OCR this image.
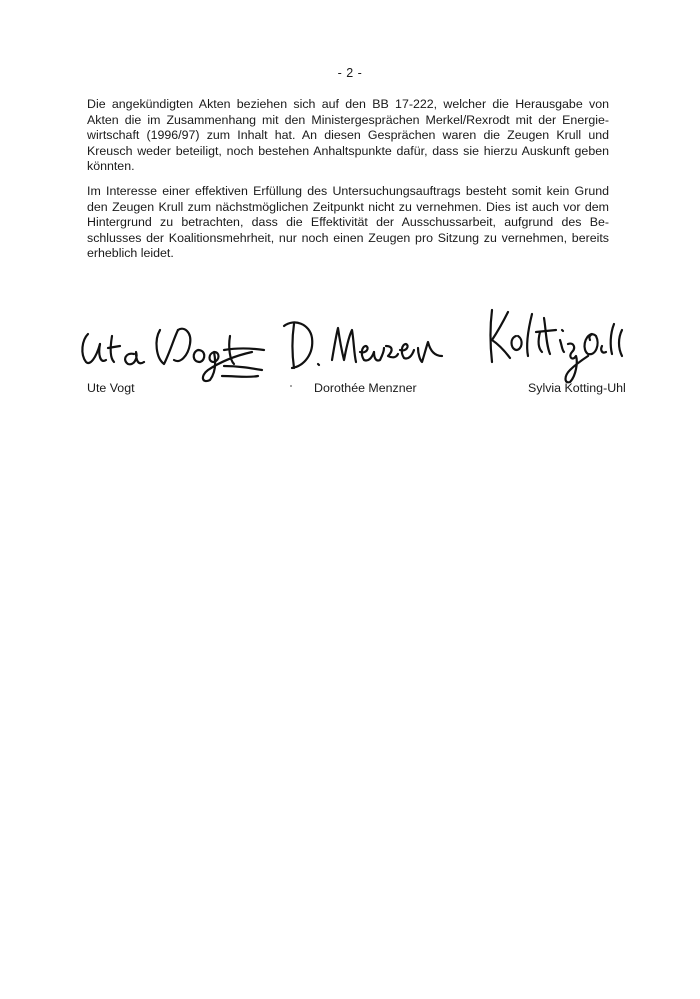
- 2 -

Die angekündigten Akten beziehen sich auf den BB 17-222, welcher die Herausgabe von Akten die im Zusammenhang mit den Ministergesprächen Merkel/Rexrodt mit der Energie-wirtschaft (1996/97) zum Inhalt hat. An diesen Gesprächen waren die Zeugen Krull und Kreusch weder beteiligt, noch bestehen Anhaltspunkte dafür, dass sie hierzu Auskunft geben könnten.

Im Interesse einer effektiven Erfüllung des Untersuchungsauftrags besteht somit kein Grund den Zeugen Krull zum nächstmöglichen Zeitpunkt nicht zu vernehmen. Dies ist auch vor dem Hintergrund zu betrachten, dass die Effektivität der Ausschussarbeit, aufgrund des Be-schlusses der Koalitionsmehrheit, nur noch einen Zeugen pro Sitzung zu vernehmen, bereits erheblich leidet.

Ute Vogt	Dorothée Menzner	Sylvia Kotting-Uhl
